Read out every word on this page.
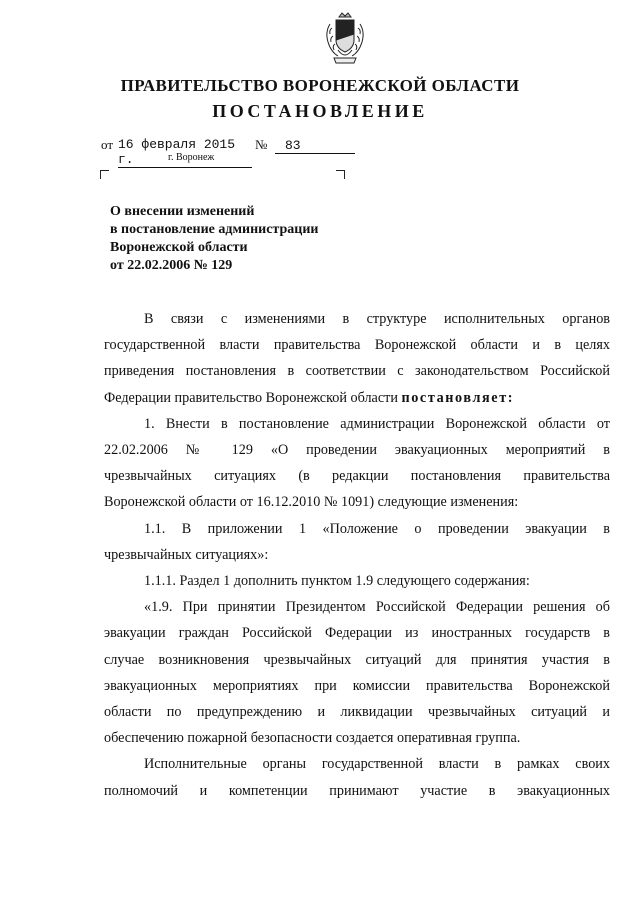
ПРАВИТЕЛЬСТВО ВОРОНЕЖСКОЙ ОБЛАСТИ
ПОСТАНОВЛЕНИЕ
от 16 февраля 2015 г.
№	83
г. Воронеж
О внесении изменений
в постановление администрации
Воронежской области
от 22.02.2006 № 129
В связи с изменениями в структуре исполнительных органов
государственной власти правительства Воронежской области и в целях
приведения постановления в соответствии с законодательством Российской
Федерации правительство Воронежской области постановляет:
1. Внести в постановление администрации Воронежской области от
22.02.2006 № 129 «О проведении эвакуационных мероприятий в
чрезвычайных ситуациях (в редакции постановления правительства
Воронежской области от 16.12.2010 № 1091) следующие изменения:
1.1. В приложении 1 «Положение о проведении эвакуации в
чрезвычайных ситуациях»:
1.1.1. Раздел 1 дополнить пунктом 1.9 следующего содержания:
«1.9. При принятии Президентом Российской Федерации решения об
эвакуации граждан Российской Федерации из иностранных государств в
случае возникновения чрезвычайных ситуаций для принятия участия в
эвакуационных мероприятиях при комиссии правительства Воронежской
области по предупреждению и ликвидации чрезвычайных ситуаций и
обеспечению пожарной безопасности создается оперативная группа.
Исполнительные органы государственной власти в рамках своих
полномочий и компетенции принимают участие в эвакуационных
